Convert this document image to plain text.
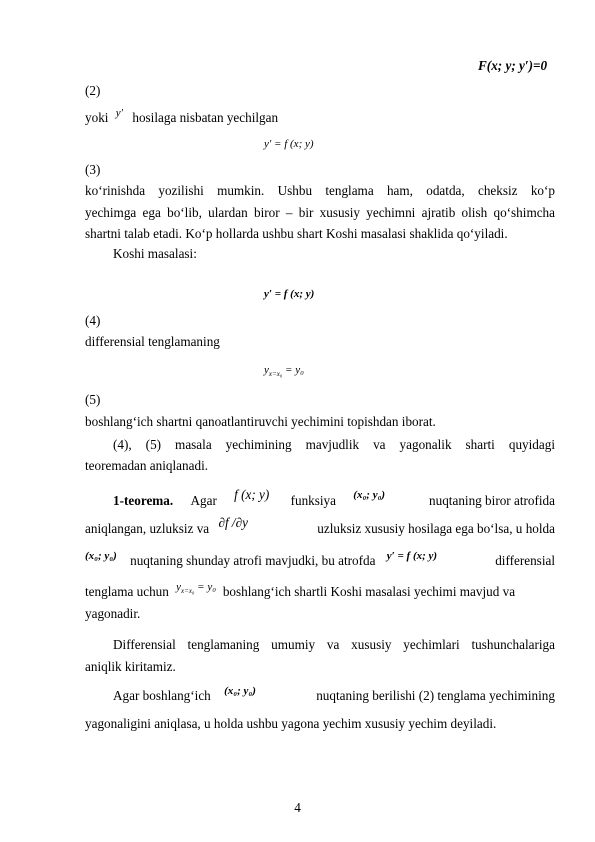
F(x; y; y′)=0
(2)
yoki $^{y'}$ hosilaga nisbatan yechilgan
y′ = f (x; y)
(3)
ko‘rinishda yozilishi mumkin. Ushbu tenglama ham, odatda, cheksiz ko‘p
yechimga ega bo‘lib, ulardan biror – bir xususiy yechimni ajratib olish qo‘shimcha
shartni talab etadi. Ko‘p hollarda ushbu shart Koshi masalasi shaklida qo‘yiladi.
Koshi masalasi:
y′ = f (x; y)
(4)
differensial tenglamaning
$y_{x=x_0} = y_0$
(5)
boshlang‘ich shartni qanoatlantiruvchi yechimini topishdan iborat.
(4), (5) masala yechimining mavjudlik va yagonalik sharti quyidagi
teoremadan aniqlanadi.
1-teorema. Agar f (x; y) funksiya $^{(x_0; y_0)}$	nuqtaning biror atrofida
aniqlangan, uzluksiz va ∂f /∂y	uzluksiz xususiy hosilaga ega bo‘lsa, u holda
$^{(x_0; y_0)}$ nuqtaning shunday atrofi mavjudki, bu atrofda $^{y' = f (x; y)}$	differensial
tenglama uchun $^{y_{x=x_0} = y_0}$ boshlang‘ich shartli Koshi masalasi yechimi mavjud va
yagonadir.
Differensial tenglamaning umumiy va xususiy yechimlari tushunchalariga
aniqlik kiritamiz.
Agar boshlang‘ich $^{(x_0; y_0)}$	nuqtaning berilishi (2) tenglama yechimining
yagonaligini aniqlasa, u holda ushbu yagona yechim xususiy yechim deyiladi.
4
